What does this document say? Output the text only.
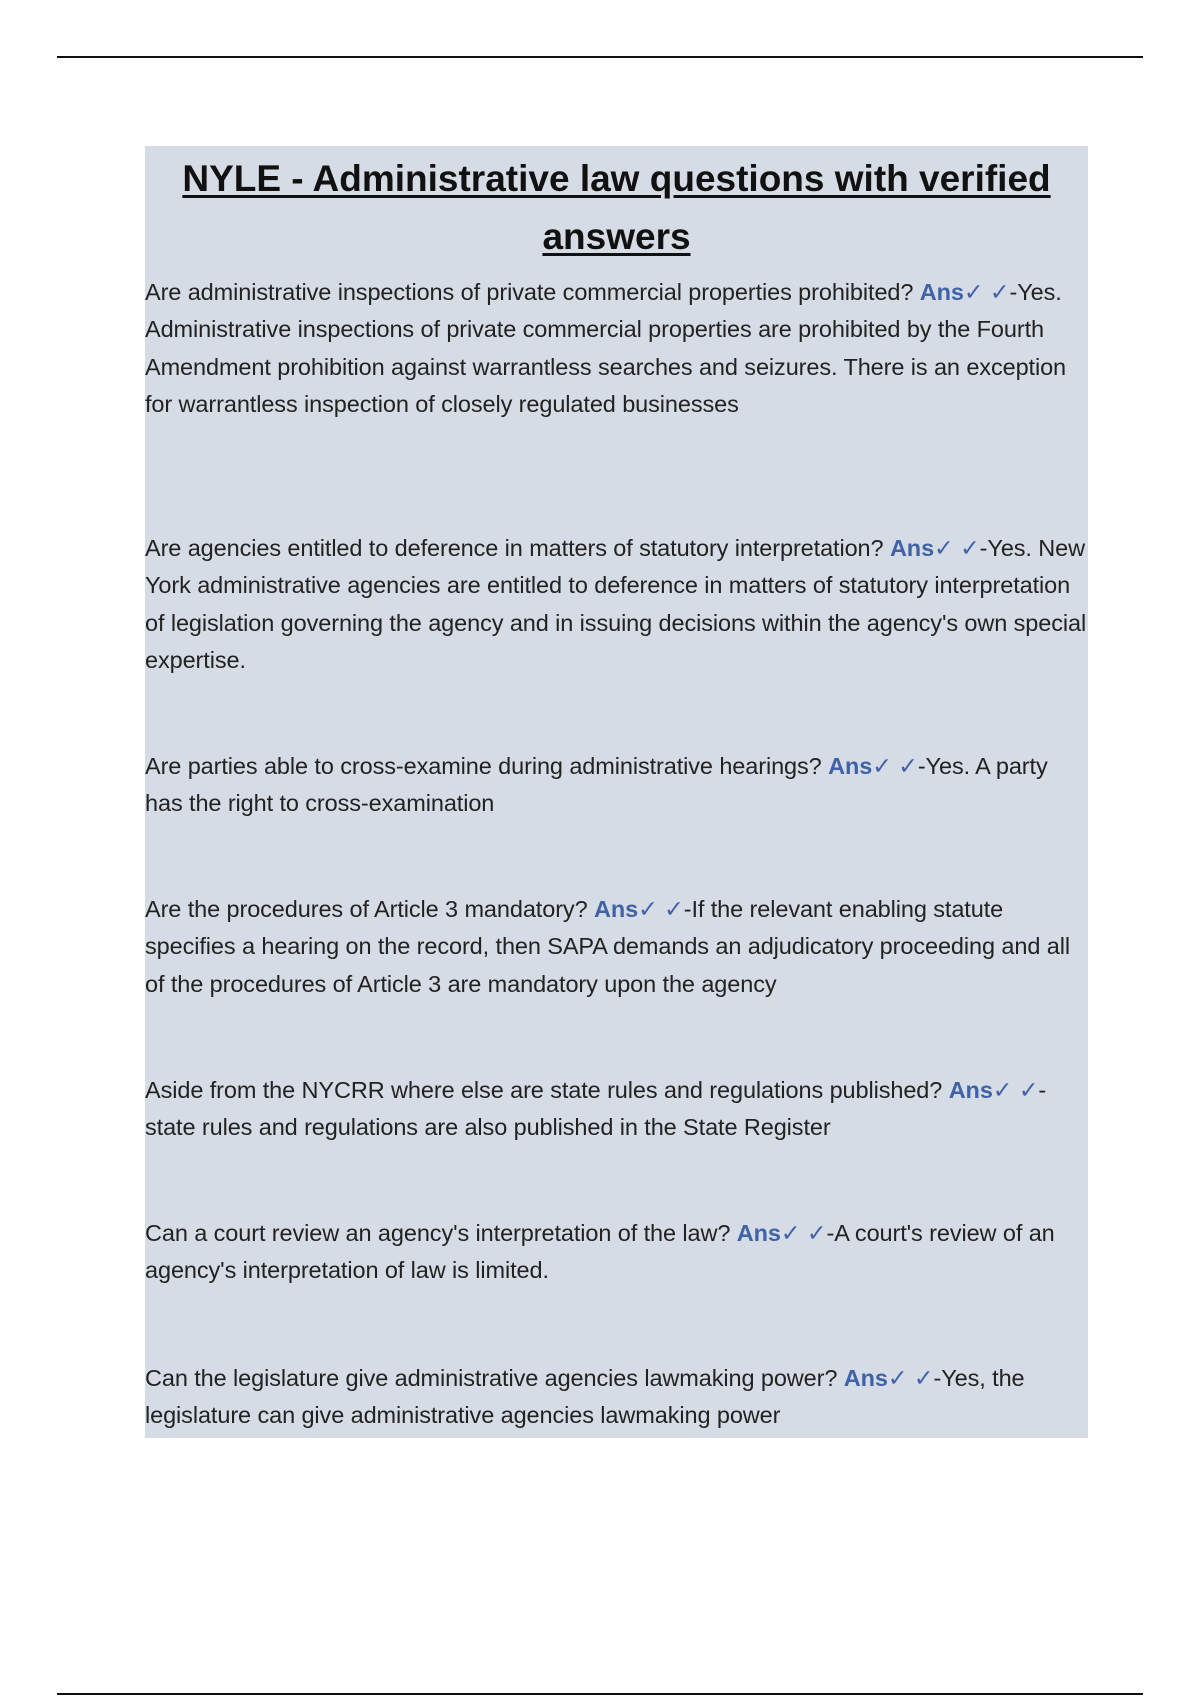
NYLE - Administrative law questions with verified answers
Are administrative inspections of private commercial properties prohibited? Ans✓ ✓-Yes. Administrative inspections of private commercial properties are prohibited by the Fourth Amendment prohibition against warrantless searches and seizures. There is an exception for warrantless inspection of closely regulated businesses
Are agencies entitled to deference in matters of statutory interpretation? Ans✓ ✓-Yes. New York administrative agencies are entitled to deference in matters of statutory interpretation of legislation governing the agency and in issuing decisions within the agency's own special expertise.
Are parties able to cross-examine during administrative hearings? Ans✓ ✓-Yes. A party has the right to cross-examination
Are the procedures of Article 3 mandatory? Ans✓ ✓-If the relevant enabling statute specifies a hearing on the record, then SAPA demands an adjudicatory proceeding and all of the procedures of Article 3 are mandatory upon the agency
Aside from the NYCRR where else are state rules and regulations published? Ans✓ ✓-state rules and regulations are also published in the State Register
Can a court review an agency's interpretation of the law? Ans✓ ✓-A court's review of an agency's interpretation of law is limited.
Can the legislature give administrative agencies lawmaking power? Ans✓ ✓-Yes, the legislature can give administrative agencies lawmaking power
